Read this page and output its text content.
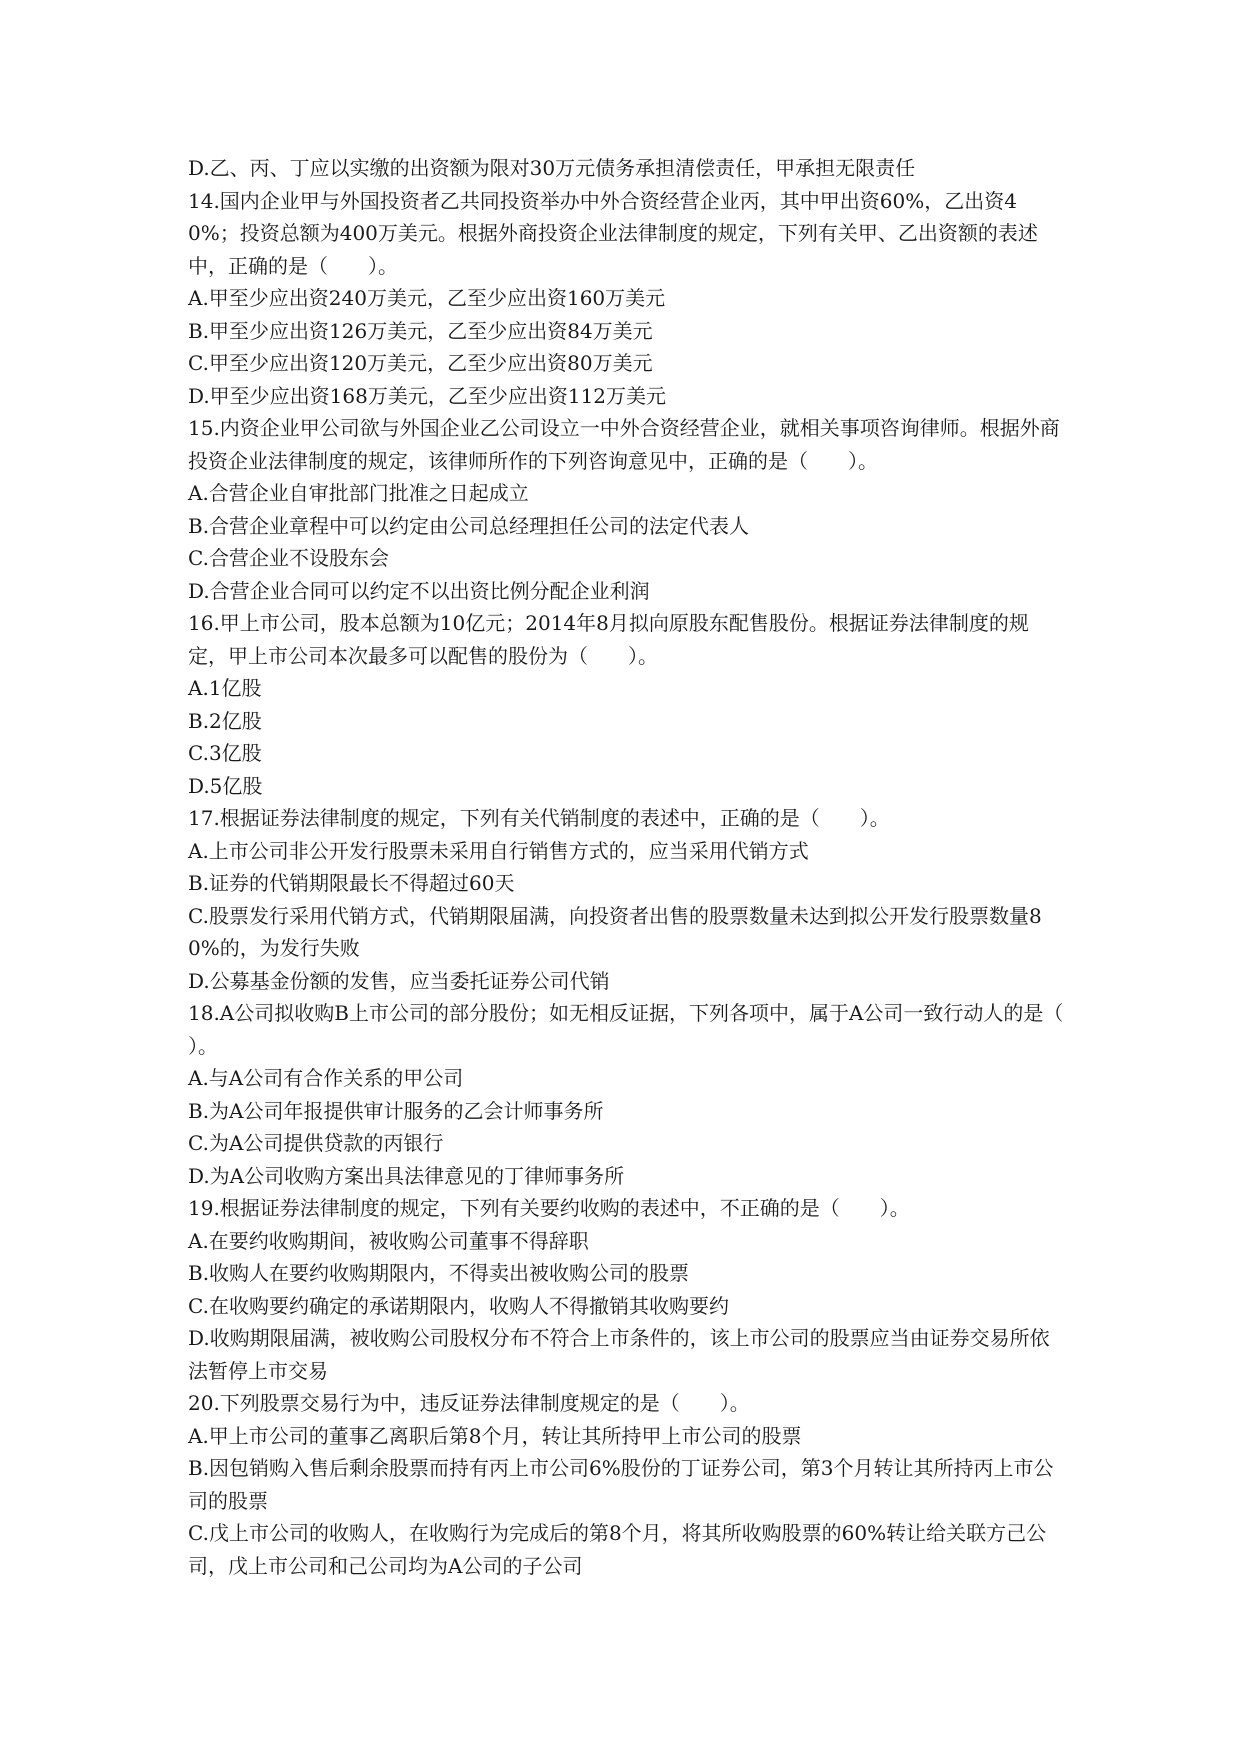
D.乙、丙、丁应以实缴的出资额为限对30万元债务承担清偿责任，甲承担无限责任

14.国内企业甲与外国投资者乙共同投资举办中外合资经营企业丙，其中甲出资60%，乙出资40%；投资总额为400万美元。根据外商投资企业法律制度的规定，下列有关甲、乙出资额的表述中，正确的是（　　）。

A.甲至少应出资240万美元，乙至少应出资160万美元

B.甲至少应出资126万美元，乙至少应出资84万美元

C.甲至少应出资120万美元，乙至少应出资80万美元

D.甲至少应出资168万美元，乙至少应出资112万美元

15.内资企业甲公司欲与外国企业乙公司设立一中外合资经营企业，就相关事项咨询律师。根据外商投资企业法律制度的规定，该律师所作的下列咨询意见中，正确的是（　　）。

A.合营企业自审批部门批准之日起成立

B.合营企业章程中可以约定由公司总经理担任公司的法定代表人

C.合营企业不设股东会

D.合营企业合同可以约定不以出资比例分配企业利润

16.甲上市公司，股本总额为10亿元；2014年8月拟向原股东配售股份。根据证券法律制度的规定，甲上市公司本次最多可以配售的股份为（　　）。

A.1亿股

B.2亿股

C.3亿股

D.5亿股

17.根据证券法律制度的规定，下列有关代销制度的表述中，正确的是（　　）。

A.上市公司非公开发行股票未采用自行销售方式的，应当采用代销方式

B.证券的代销期限最长不得超过60天

C.股票发行采用代销方式，代销期限届满，向投资者出售的股票数量未达到拟公开发行股票数量80%的，为发行失败

D.公募基金份额的发售，应当委托证券公司代销

18.A公司拟收购B上市公司的部分股份；如无相反证据，下列各项中，属于A公司一致行动人的是（　　）。

A.与A公司有合作关系的甲公司

B.为A公司年报提供审计服务的乙会计师事务所

C.为A公司提供贷款的丙银行

D.为A公司收购方案出具法律意见的丁律师事务所

19.根据证券法律制度的规定，下列有关要约收购的表述中，不正确的是（　　）。

A.在要约收购期间，被收购公司董事不得辞职

B.收购人在要约收购期限内，不得卖出被收购公司的股票

C.在收购要约确定的承诺期限内，收购人不得撤销其收购要约

D.收购期限届满，被收购公司股权分布不符合上市条件的，该上市公司的股票应当由证券交易所依法暂停上市交易

20.下列股票交易行为中，违反证券法律制度规定的是（　　）。

A.甲上市公司的董事乙离职后第8个月，转让其所持甲上市公司的股票

B.因包销购入售后剩余股票而持有丙上市公司6%股份的丁证券公司，第3个月转让其所持丙上市公司的股票

C.戊上市公司的收购人，在收购行为完成后的第8个月，将其所收购股票的60%转让给关联方己公司，戊上市公司和己公司均为A公司的子公司
